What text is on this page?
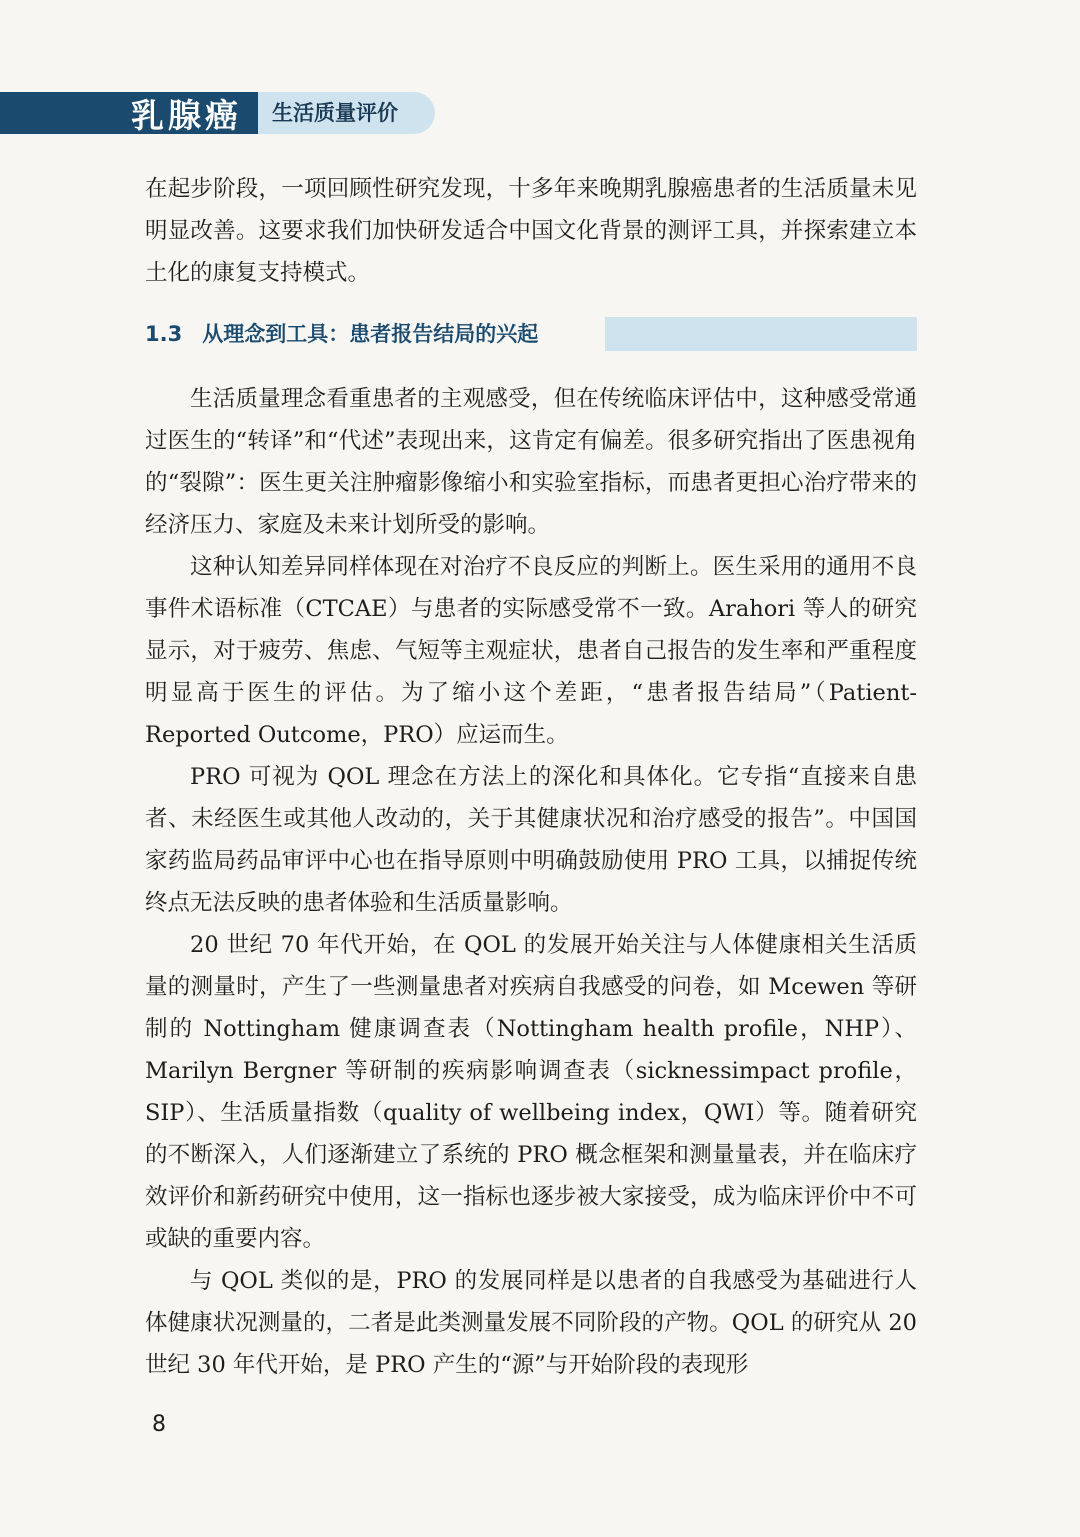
乳腺癌 生活质量评价

在起步阶段，一项回顾性研究发现，十多年来晚期乳腺癌患者的生活质量未见明显改善。这要求我们加快研发适合中国文化背景的测评工具，并探索建立本土化的康复支持模式。

1.3 从理念到工具：患者报告结局的兴起

生活质量理念看重患者的主观感受，但在传统临床评估中，这种感受常通过医生的“转译”和“代述”表现出来，这肯定有偏差。很多研究指出了医患视角的“裂隙”：医生更关注肿瘤影像缩小和实验室指标，而患者更担心治疗带来的经济压力、家庭及未来计划所受的影响。

这种认知差异同样体现在对治疗不良反应的判断上。医生采用的通用不良事件术语标准（CTCAE）与患者的实际感受常不一致。Arahori 等人的研究显示，对于疲劳、焦虑、气短等主观症状，患者自己报告的发生率和严重程度明显高于医生的评估。为了缩小这个差距，“患者报告结局”（Patient-Reported Outcome，PRO）应运而生。

PRO 可视为 QOL 理念在方法上的深化和具体化。它专指“直接来自患者、未经医生或其他人改动的，关于其健康状况和治疗感受的报告”。中国国家药监局药品审评中心也在指导原则中明确鼓励使用 PRO 工具，以捕捉传统终点无法反映的患者体验和生活质量影响。

20 世纪 70 年代开始，在 QOL 的发展开始关注与人体健康相关生活质量的测量时，产生了一些测量患者对疾病自我感受的问卷，如 Mcewen 等研制的 Nottingham 健康调查表（Nottingham health profile，NHP）、Marilyn Bergner 等研制的疾病影响调查表（sicknessimpact profile，SIP）、生活质量指数（quality of wellbeing index，QWI）等。随着研究的不断深入，人们逐渐建立了系统的 PRO 概念框架和测量量表，并在临床疗效评价和新药研究中使用，这一指标也逐步被大家接受，成为临床评价中不可或缺的重要内容。

与 QOL 类似的是，PRO 的发展同样是以患者的自我感受为基础进行人体健康状况测量的，二者是此类测量发展不同阶段的产物。QOL 的研究从 20 世纪 30 年代开始，是 PRO 产生的“源”与开始阶段的表现形

8
